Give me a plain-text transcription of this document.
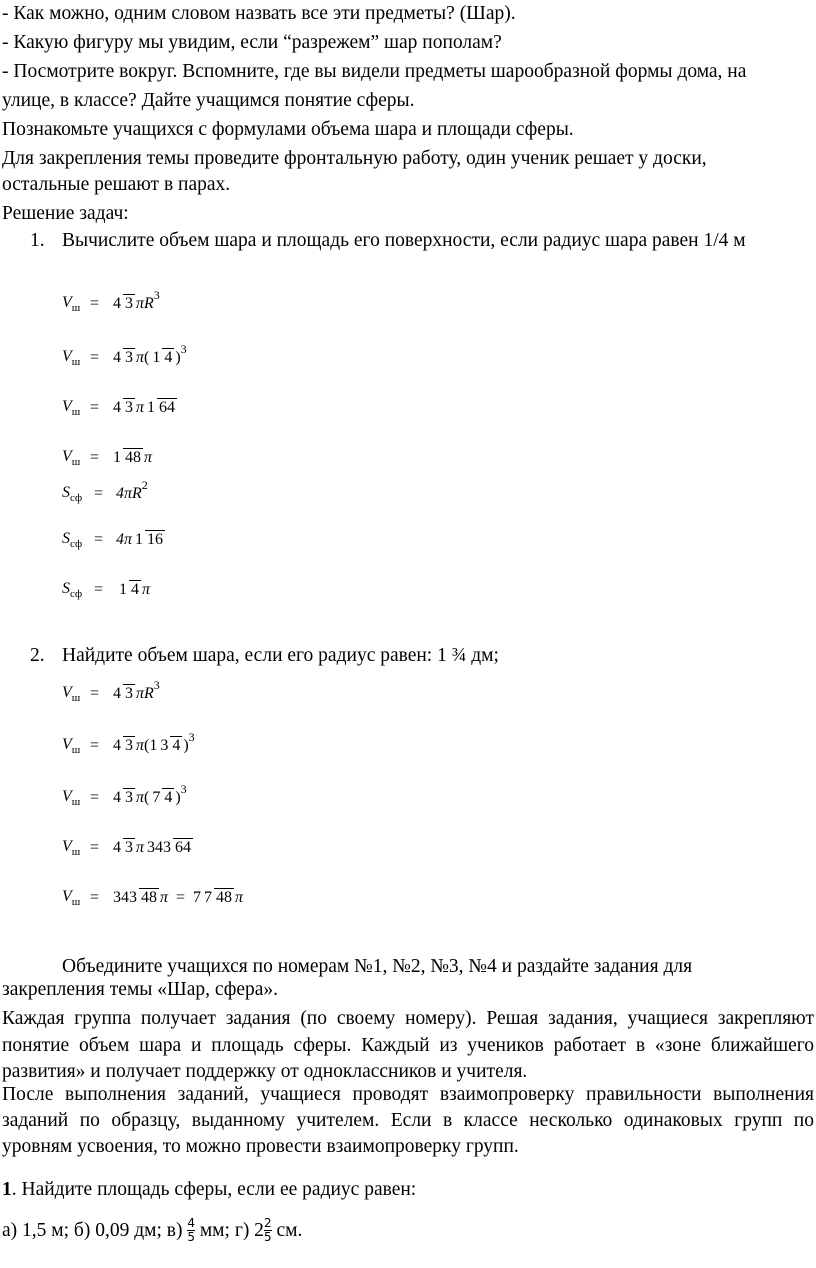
- Как можно, одним словом назвать все эти предметы? (Шар).
- Какую фигуру мы увидим, если “разрежем” шар пополам?
- Посмотрите вокруг. Вспомните, где вы видели предметы шарообразной формы дома, на
улице, в классе? Дайте учащимся понятие сферы.
Познакомьте учащихся с формулами объема шара и площади сферы.
Для закрепления темы проведите фронтальную работу, один ученик решает у доски,
остальные решают в парах.
Решение задач:
1. Вычислите объем шара и площадь его поверхности, если радиус шара равен 1/4 м
$V_ш = 4$ 3 π $R^3$
$V_ш = 4$ 3 π ( 1 4 )$^3$
$V_ш = 4$ 3 π 1 64
$V_ш = 1$ 48 π
$S_{сф} = 4\pi$ $R^2$
$S_{сф} = 4\pi$ 1 16
$S_{сф} = 1$ 4 π
2. Найдите объем шара, если его радиус равен: 1 ¾ дм;
$V_ш = 4$ 3 π $R^3$
$V_ш = 4$ 3 π ( 1 3 4 )$^3$
$V_ш = 4$ 3 π ( 7 4 )$^3$
$V_ш = 4$ 3 π 343 64
$V_ш = 343$ 48 π = 7 7 48 π
Объедините учащихся по номерам №1, №2, №3, №4 и раздайте задания для
закрепления темы «Шар, сфера».
Каждая группа получает задания (по своему номеру). Решая задания, учащиеся закрепляют
понятие объем шара и площадь сферы. Каждый из учеников работает в «зоне ближайшего
развития» и получает поддержку от одноклассников и учителя.
После выполнения заданий, учащиеся проводят взаимопроверку правильности выполнения
заданий по образцу, выданному учителем. Если в классе несколько одинаковых групп по
уровням усвоения, то можно провести взаимопроверку групп.
1. Найдите площадь сферы, если ее радиус равен:
а) 1,5 м; б) 0,09 дм; в) 4
5 мм; г) 2 2
5 см.
